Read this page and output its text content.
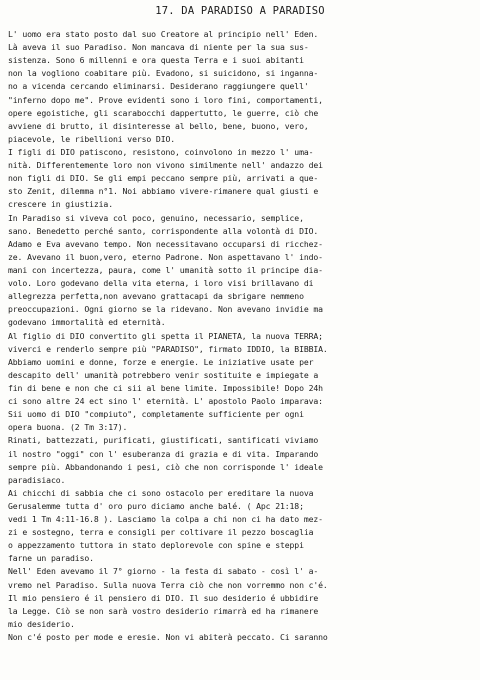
17. DA PARADISO A PARADISO
L' uomo era stato posto dal suo Creatore al principio nell' Eden.
Là aveva il suo Paradiso. Non mancava di niente per la sua sus-
sistenza. Sono 6 millenni e ora questa Terra e i suoi abitanti
non la vogliono coabitare più. Evadono, si suicidono, si inganna-
no a vicenda cercando eliminarsi. Desiderano raggiungere quell'
"inferno dopo me". Prove evidenti sono i loro fini, comportamenti,
opere egoistiche, gli scarabocchi dappertutto, le guerre, ciò che
avviene di brutto, il disinteresse al bello, bene, buono, vero,
piacevole, le ribellioni verso DIO.
I figli di DIO patiscono, resistono, coinvolono in mezzo l' uma-
nità. Differentemente loro non vivono similmente nell' andazzo dei
non figli di DIO. Se gli empi peccano sempre più, arrivati a que-
sto Zenit, dilemma n°1. Noi abbiamo vivere-rimanere qual giusti e
crescere in giustizia.
In Paradiso si viveva col poco, genuino, necessario, semplice,
sano. Benedetto perché santo, corrispondente alla volontà di DIO.
Adamo e Eva avevano tempo. Non necessitavano occuparsi di ricchez-
ze. Avevano il buon,vero, eterno Padrone. Non aspettavano l' indo-
mani con incertezza, paura, come l' umanità sotto il principe dia-
volo. Loro godevano della vita eterna, i loro visi brillavano di
allegrezza perfetta,non avevano grattacapi da sbrigare nemmeno
preoccupazioni. Ogni giorno se la ridevano. Non avevano invidie ma
godevano immortalità ed eternità.
Al figlio di DIO convertito gli spetta il PIANETA, la nuova TERRA;
viverci e renderlo sempre più "PARADISO", firmato IDDIO, la BIBBIA.
Abbiamo uomini e donne, forze e energie. Le iniziative usate per
descapito dell' umanità potrebbero venir sostituite e impiegate a
fin di bene e non che ci sii al bene limite. Impossibile! Dopo 24h
ci sono altre 24 ect sino l' eternità. L' apostolo Paolo imparava:
Sii uomo di DIO "compiuto", completamente sufficiente per ogni
opera buona. (2 Tm 3:17).
Rinati, battezzati, purificati, giustificati, santificati viviamo
il nostro "oggi" con l' esuberanza di grazia e di vita. Imparando
sempre più. Abbandonando i pesi, ciò che non corrisponde l' ideale
paradisiaco.
Ai chicchi di sabbia che ci sono ostacolo per ereditare la nuova
Gerusalemme tutta d' oro puro diciamo anche balé. ( Apc 21:18;
vedi 1 Tm 4:11-16.8 ). Lasciamo la colpa a chi non ci ha dato mez-
zi e sostegno, terra e consigli per coltivare il pezzo boscaglia
o appezzamento tuttora in stato deplorevole con spine e steppi
farne un paradiso.
Nell' Eden avevamo il 7° giorno - la festa di sabato - così l' a-
vremo nel Paradiso. Sulla nuova Terra ciò che non vorremmo non c'é.
Il mio pensiero é il pensiero di DIO. Il suo desiderio é ubbidire
la Legge. Ciò se non sarà vostro desiderio rimarrà ed ha rimanere
mio desiderio.
Non c'é posto per mode e eresie. Non vi abiterà peccato. Ci saranno
